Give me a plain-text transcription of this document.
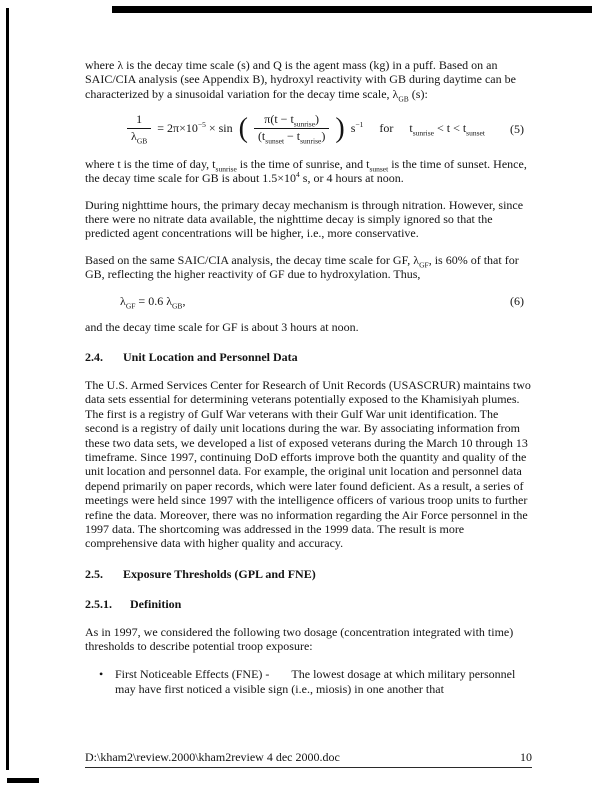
where λ is the decay time scale (s) and Q is the agent mass (kg) in a puff. Based on an SAIC/CIA analysis (see Appendix B), hydroxyl reactivity with GB during daytime can be characterized by a sinusoidal variation for the decay time scale, $\lambda_{GB}$ (s):
$\frac{1}{\lambda_{GB}} = 2\pi\times 10^{-5} \times \sin$ ( $\frac{\pi(t - t_{sunrise})}{(t_{sunset} - t_{sunrise})}$ ) $s^{-1}$ for $t_{sunrise} < t < t_{sunset}$ (5)
where t is the time of day, $t_{sunrise}$ is the time of sunrise, and $t_{sunset}$ is the time of sunset. Hence, the decay time scale for GB is about $1.5\times 10^4$ s, or 4 hours at noon.
During nighttime hours, the primary decay mechanism is through nitration. However, since there were no nitrate data available, the nighttime decay is simply ignored so that the predicted agent concentrations will be higher, i.e., more conservative.
Based on the same SAIC/CIA analysis, the decay time scale for GF, $\lambda_{GF}$, is 60% of that for GB, reflecting the higher reactivity of GF due to hydroxylation. Thus,
$\lambda_{GF} = 0.6$ $\lambda_{GB}$,	(6)
and the decay time scale for GF is about 3 hours at noon.
2.4. Unit Location and Personnel Data
The U.S. Armed Services Center for Research of Unit Records (USASCRUR) maintains two data sets essential for determining veterans potentially exposed to the Khamisiyah plumes. The first is a registry of Gulf War veterans with their Gulf War unit identification. The second is a registry of daily unit locations during the war. By associating information from these two data sets, we developed a list of exposed veterans during the March 10 through 13 timeframe. Since 1997, continuing DoD efforts improve both the quantity and quality of the unit location and personnel data. For example, the original unit location and personnel data depend primarily on paper records, which were later found deficient. As a result, a series of meetings were held since 1997 with the intelligence officers of various troop units to further refine the data. Moreover, there was no information regarding the Air Force personnel in the 1997 data. The shortcoming was addressed in the 1999 data. The result is more comprehensive data with higher quality and accuracy.
2.5. Exposure Thresholds (GPL and FNE)
2.5.1. Definition
As in 1997, we considered the following two dosage (concentration integrated with time) thresholds to describe potential troop exposure:
• First Noticeable Effects (FNE) - The lowest dosage at which military personnel may have first noticed a visible sign (i.e., miosis) in one another that
D:\kham2\review.2000\kham2review 4 dec 2000.doc	10
